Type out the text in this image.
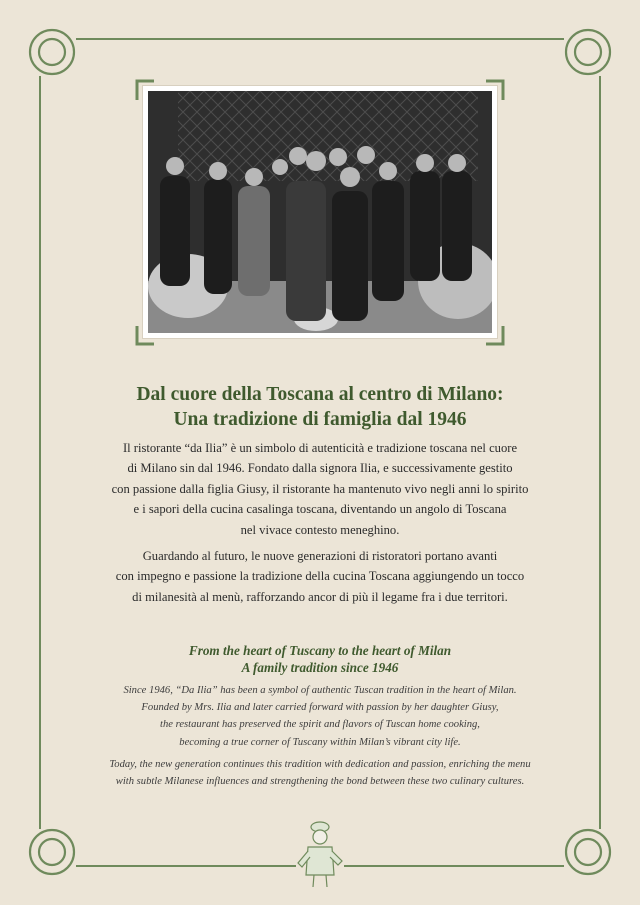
Dal cuore della Toscana al centro di Milano:
Una tradizione di famiglia dal 1946
Il ristorante “da Ilia” è un simbolo di autenticità e tradizione toscana nel cuore
di Milano sin dal 1946. Fondato dalla signora Ilia, e successivamente gestito
con passione dalla figlia Giusy, il ristorante ha mantenuto vivo negli anni lo spirito
e i sapori della cucina casalinga toscana, diventando un angolo di Toscana
nel vivace contesto meneghino.
Guardando al futuro, le nuove generazioni di ristoratori portano avanti
con impegno e passione la tradizione della cucina Toscana aggiungendo un tocco
di milanesità al menù, rafforzando ancor di più il legame fra i due territori.
From the heart of Tuscany to the heart of Milan
A family tradition since 1946
Since 1946, “Da Ilia” has been a symbol of authentic Tuscan tradition in the heart of Milan.
Founded by Mrs. Ilia and later carried forward with passion by her daughter Giusy,
the restaurant has preserved the spirit and flavors of Tuscan home cooking,
becoming a true corner of Tuscany within Milan’s vibrant city life.
Today, the new generation continues this tradition with dedication and passion, enriching the menu
with subtle Milanese influences and strengthening the bond between these two culinary cultures.
